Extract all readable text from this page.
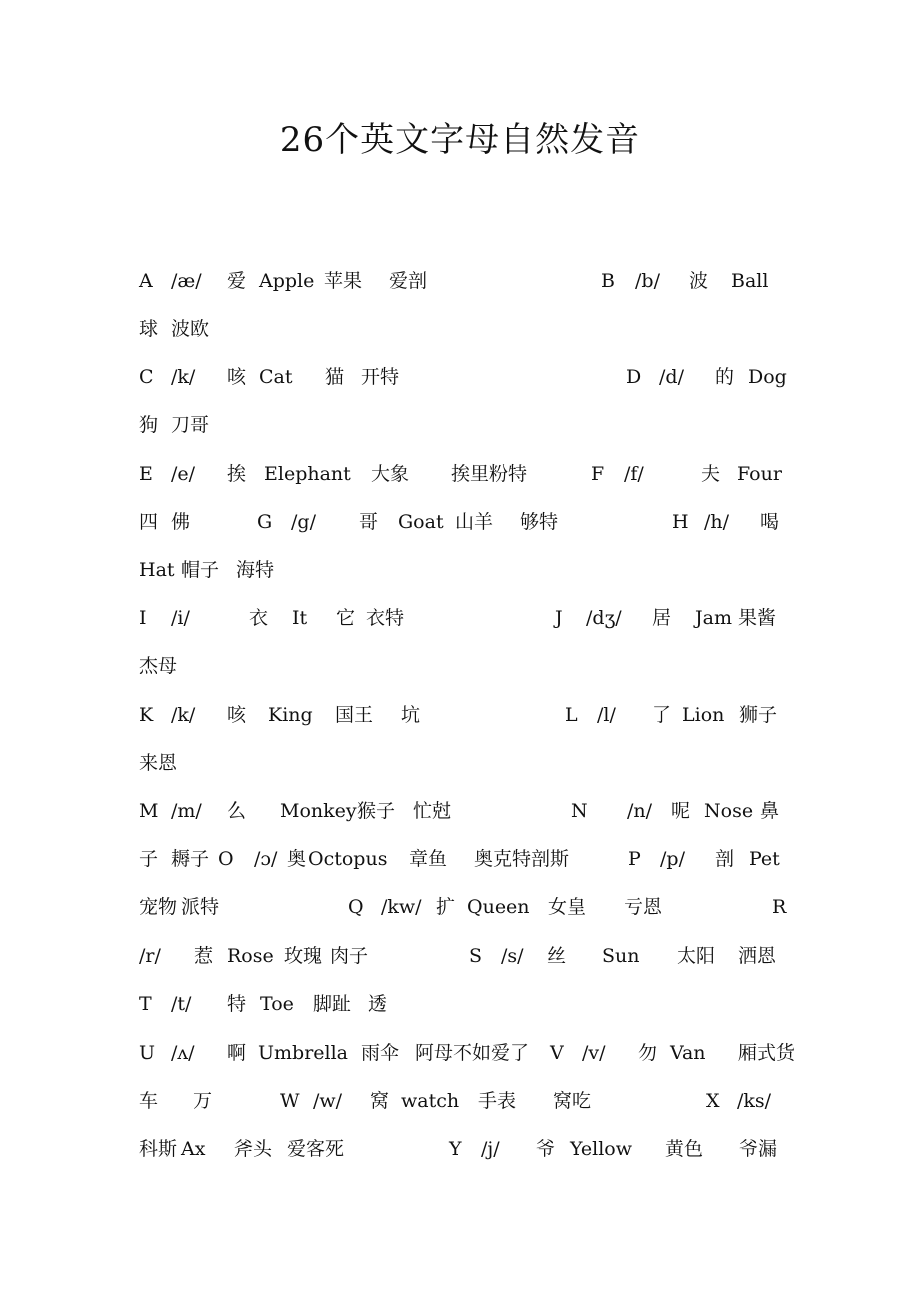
26个英文字母自然发音
A /æ/ 爱 Apple 苹果 爱剖	B /b/ 波 Ball
球 波欧
C /k/ 咳 Cat 猫 开特	D /d/ 的 Dog
狗 刀哥
E /e/ 挨 Elephant 大象 挨里粉特	F /f/	夫 Four
四 佛	G /g/ 哥 Goat 山羊 够特	H /h/ 喝
Hat 帽子 海特
I /i/	衣 It 它 衣特	J /dʒ/ 居 Jam 果酱
杰母
K /k/ 咳 King 国王 坑	L /l/ 了 Lion 狮子
来恩
M /m/ 么 Monkey 猴子 忙尅	N /n/ 呢 Nose 鼻
子 耨子 O /ɔ/ 奥 Octopus 章鱼 奥克特剖斯	P /p/ 剖 Pet
宠物 派特	Q /kw/ 扩 Queen 女皇 亏恩	R
/r/ 惹 Rose 玫瑰 肉子	S /s/ 丝 Sun 太阳 洒恩
T /t/ 特 Toe 脚趾 透
U /ʌ/ 啊 Umbrella 雨伞 阿母不如爱了 V /v/ 勿 Van 厢式货
车 万	W /w/ 窝 watch 手表 窝吃	X /ks/
科斯 Ax 斧头 爱客死	Y /j/ 爷 Yellow 黄色 爷漏
